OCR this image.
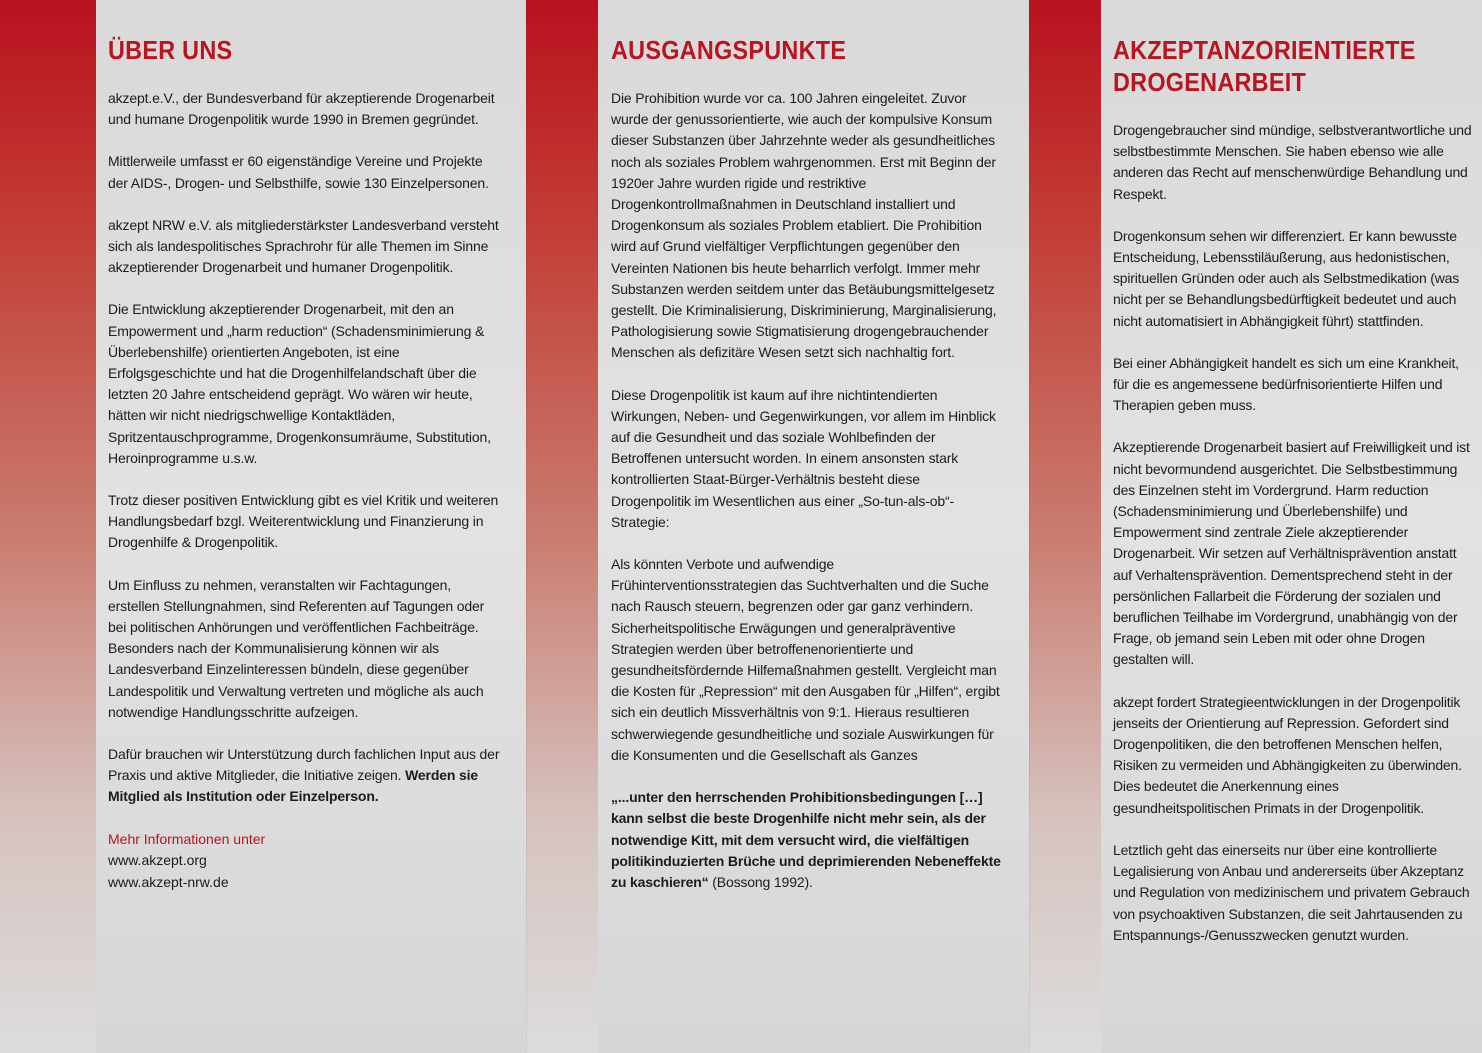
ÜBER UNS

akzept.e.V., der Bundesverband für akzeptierende Drogenarbeit und humane Drogenpolitik wurde 1990 in Bremen gegründet.

Mittlerweile umfasst er 60 eigenständige Vereine und Projekte der AIDS-, Drogen- und Selbsthilfe, sowie 130 Einzelpersonen.

akzept NRW e.V. als mitgliederstärkster Landesverband versteht sich als landespolitisches Sprachrohr für alle Themen im Sinne akzeptierender Drogenarbeit und humaner Drogenpolitik.

Die Entwicklung akzeptierender Drogenarbeit, mit den an Empowerment und „harm reduction“ (Schadensminimierung & Überlebenshilfe) orientierten Angeboten, ist eine Erfolgsgeschichte und hat die Drogenhilfelandschaft über die letzten 20 Jahre entscheidend geprägt. Wo wären wir heute, hätten wir nicht niedrigschwellige Kontaktläden, Spritzentauschprogramme, Drogenkonsumräume, Substitution, Heroinprogramme u.s.w.

Trotz dieser positiven Entwicklung gibt es viel Kritik und weiteren Handlungsbedarf bzgl. Weiterentwicklung und Finanzierung in Drogenhilfe & Drogenpolitik.

Um Einfluss zu nehmen, veranstalten wir Fachtagungen, erstellen Stellungnahmen, sind Referenten auf Tagungen oder bei politischen Anhörungen und veröffentlichen Fachbeiträge. Besonders nach der Kommunalisierung können wir als Landesverband Einzelinteressen bündeln, diese gegenüber Landespolitik und Verwaltung vertreten und mögliche als auch notwendige Handlungsschritte aufzeigen.

Dafür brauchen wir Unterstützung durch fachlichen Input aus der Praxis und aktive Mitglieder, die Initiative zeigen. Werden sie Mitglied als Institution oder Einzelperson.

Mehr Informationen unter
www.akzept.org
www.akzept-nrw.de
AUSGANGSPUNKTE

Die Prohibition wurde vor ca. 100 Jahren eingeleitet. Zuvor wurde der genussorientierte, wie auch der kompulsive Konsum dieser Substanzen über Jahrzehnte weder als gesundheitliches noch als soziales Problem wahrgenommen. Erst mit Beginn der 1920er Jahre wurden rigide und restriktive Drogenkontrollmaßnahmen in Deutschland installiert und Drogenkonsum als soziales Problem etabliert. Die Prohibition wird auf Grund vielfältiger Verpflichtungen gegenüber den Vereinten Nationen bis heute beharrlich verfolgt. Immer mehr Substanzen werden seitdem unter das Betäubungsmittelgesetz gestellt. Die Kriminalisierung, Diskriminierung, Marginalisierung, Pathologisierung sowie Stigmatisierung drogengebrauchender Menschen als defizitäre Wesen setzt sich nachhaltig fort.

Diese Drogenpolitik ist kaum auf ihre nichtintendierten Wirkungen, Neben- und Gegenwirkungen, vor allem im Hinblick auf die Gesundheit und das soziale Wohlbefinden der Betroffenen untersucht worden. In einem ansonsten stark kontrollierten Staat-Bürger-Verhältnis besteht diese Drogenpolitik im Wesentlichen aus einer „So-tun-als-ob“-Strategie:

Als könnten Verbote und aufwendige Frühinterventionsstrategien das Suchtverhalten und die Suche nach Rausch steuern, begrenzen oder gar ganz verhindern. Sicherheitspolitische Erwägungen und generalpräventive Strategien werden über betroffenenorientierte und gesundheitsfördernde Hilfemaßnahmen gestellt. Vergleicht man die Kosten für „Repression“ mit den Ausgaben für „Hilfen“, ergibt sich ein deutlich Missverhältnis von 9:1. Hieraus resultieren schwerwiegende gesundheitliche und soziale Auswirkungen für die Konsumenten und die Gesellschaft als Ganzes

„...unter den herrschenden Prohibitionsbedingungen […] kann selbst die beste Drogenhilfe nicht mehr sein, als der notwendige Kitt, mit dem versucht wird, die vielfältigen politikinduzierten Brüche und deprimierenden Nebeneffekte zu kaschieren“ (Bossong 1992).

AKZEPTANZORIENTIERTE DROGENARBEIT

Drogengebraucher sind mündige, selbstverantwortliche und selbstbestimmte Menschen. Sie haben ebenso wie alle anderen das Recht auf menschenwürdige Behandlung und Respekt.

Drogenkonsum sehen wir differenziert. Er kann bewusste Entscheidung, Lebensstiläußerung, aus hedonistischen, spirituellen Gründen oder auch als Selbstmedikation (was nicht per se Behandlungsbedürftigkeit bedeutet und auch nicht automatisiert in Abhängigkeit führt) stattfinden.

Bei einer Abhängigkeit handelt es sich um eine Krankheit, für die es angemessene bedürfnisorientierte Hilfen und Therapien geben muss.

Akzeptierende Drogenarbeit basiert auf Freiwilligkeit und ist nicht bevormundend ausgerichtet. Die Selbstbestimmung des Einzelnen steht im Vordergrund. Harm reduction (Schadensminimierung und Überlebenshilfe) und Empowerment sind zentrale Ziele akzeptierender Drogenarbeit. Wir setzen auf Verhältnisprävention anstatt auf Verhaltensprävention. Dementsprechend steht in der persönlichen Fallarbeit die Förderung der sozialen und beruflichen Teilhabe im Vordergrund, unabhängig von der Frage, ob jemand sein Leben mit oder ohne Drogen gestalten will.

akzept fordert Strategieentwicklungen in der Drogenpolitik jenseits der Orientierung auf Repression. Gefordert sind Drogenpolitiken, die den betroffenen Menschen helfen, Risiken zu vermeiden und Abhängigkeiten zu überwinden. Dies bedeutet die Anerkennung eines gesundheitspolitischen Primats in der Drogenpolitik.

Letztlich geht das einerseits nur über eine kontrollierte Legalisierung von Anbau und andererseits über Akzeptanz und Regulation von medizinischem und privatem Gebrauch von psychoaktiven Substanzen, die seit Jahrtausenden zu Entspannungs-/Genusszwecken genutzt wurden.
